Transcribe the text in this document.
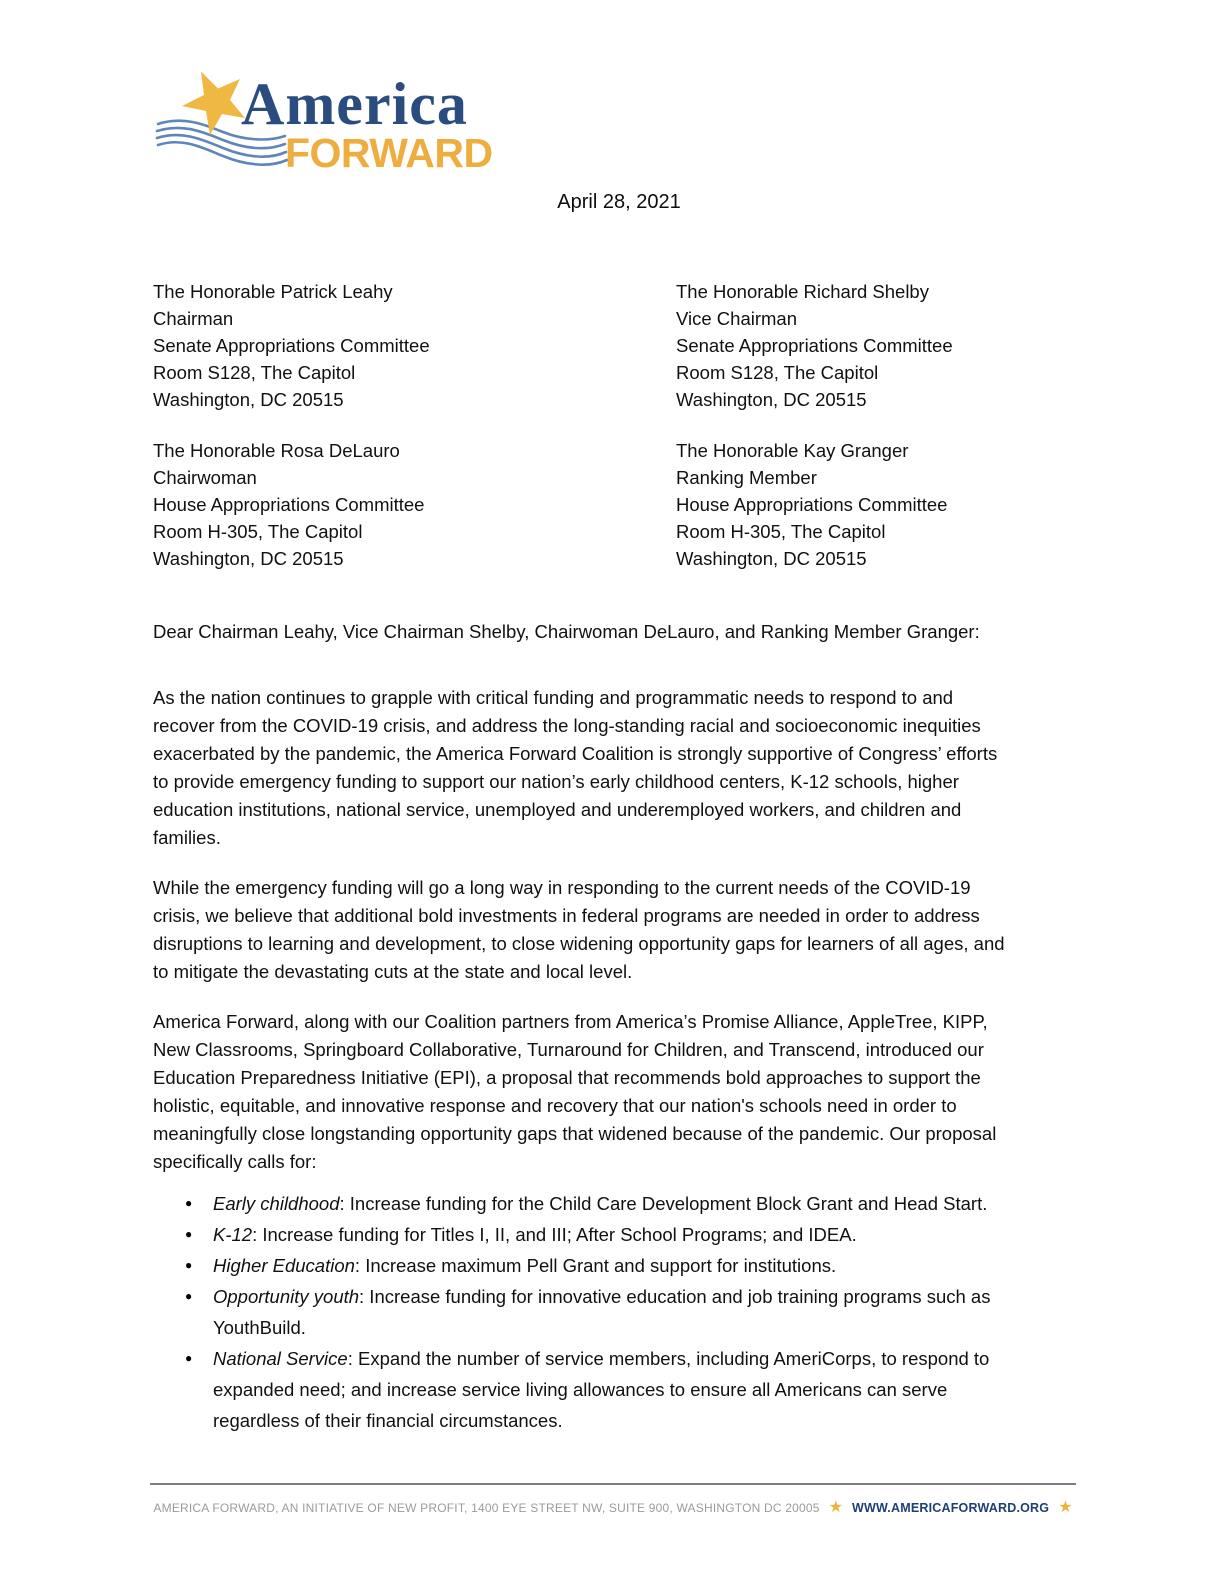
America
FORWARD
April 28, 2021
The Honorable Patrick Leahy
Chairman
Senate Appropriations Committee
Room S128, The Capitol
Washington, DC 20515
The Honorable Richard Shelby
Vice Chairman
Senate Appropriations Committee
Room S128, The Capitol
Washington, DC 20515
The Honorable Rosa DeLauro
Chairwoman
House Appropriations Committee
Room H-305, The Capitol
Washington, DC 20515
The Honorable Kay Granger
Ranking Member
House Appropriations Committee
Room H-305, The Capitol
Washington, DC 20515

Dear Chairman Leahy, Vice Chairman Shelby, Chairwoman DeLauro, and Ranking Member Granger:

As the nation continues to grapple with critical funding and programmatic needs to respond to and
recover from the COVID-19 crisis, and address the long-standing racial and socioeconomic inequities
exacerbated by the pandemic, the America Forward Coalition is strongly supportive of Congress’ efforts
to provide emergency funding to support our nation’s early childhood centers, K-12 schools, higher
education institutions, national service, unemployed and underemployed workers, and children and
families.
While the emergency funding will go a long way in responding to the current needs of the COVID-19
crisis, we believe that additional bold investments in federal programs are needed in order to address
disruptions to learning and development, to close widening opportunity gaps for learners of all ages, and
to mitigate the devastating cuts at the state and local level.
America Forward, along with our Coalition partners from America’s Promise Alliance, AppleTree, KIPP,
New Classrooms, Springboard Collaborative, Turnaround for Children, and Transcend, introduced our
Education Preparedness Initiative (EPI), a proposal that recommends bold approaches to support the
holistic, equitable, and innovative response and recovery that our nation's schools need in order to
meaningfully close longstanding opportunity gaps that widened because of the pandemic. Our proposal
specifically calls for:
●
Early childhood: Increase funding for the Child Care Development Block Grant and Head Start.
●
K-12: Increase funding for Titles I, II, and III; After School Programs; and IDEA.
●
Higher Education: Increase maximum Pell Grant and support for institutions.
●
Opportunity youth: Increase funding for innovative education and job training programs such as
YouthBuild.
●
National Service: Expand the number of service members, including AmeriCorps, to respond to
expanded need; and increase service living allowances to ensure all Americans can serve
regardless of their financial circumstances.
AMERICA FORWARD, AN INITIATIVE OF NEW PROFIT, 1400 EYE STREET NW, SUITE 900, WASHINGTON DC 20005 ★ WWW.AMERICAFORWARD.ORG ★
